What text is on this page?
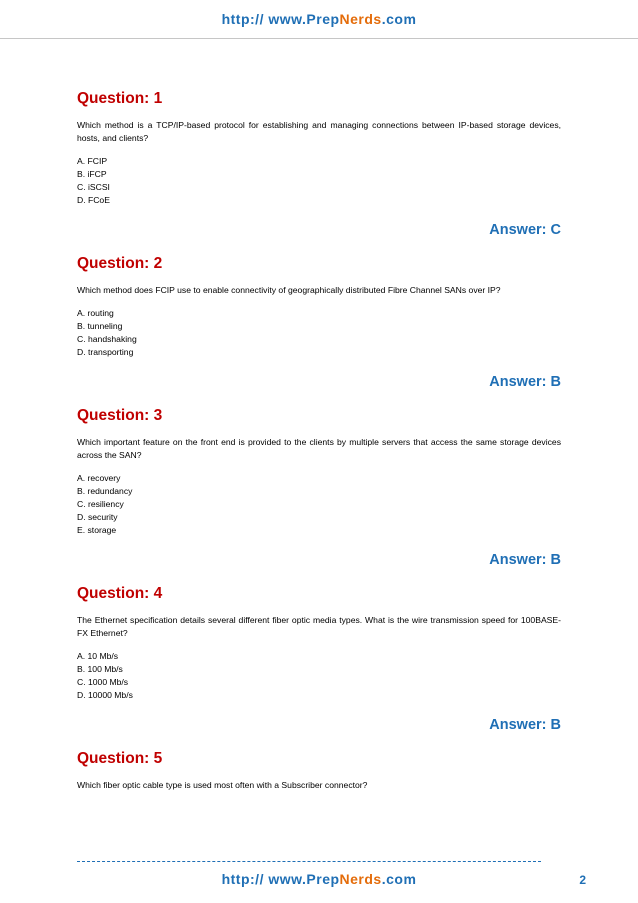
http:// www.PrepNerds.com
Question: 1
Which method is a TCP/IP-based protocol for establishing and managing connections between IP-based storage devices, hosts, and clients?
A. FCIP
B. iFCP
C. iSCSI
D. FCoE
Answer: C
Question: 2
Which method does FCIP use to enable connectivity of geographically distributed Fibre Channel SANs over IP?
A. routing
B. tunneling
C. handshaking
D. transporting
Answer: B
Question: 3
Which important feature on the front end is provided to the clients by multiple servers that access the same storage devices across the SAN?
A. recovery
B. redundancy
C. resiliency
D. security
E. storage
Answer: B
Question: 4
The Ethernet specification details several different fiber optic media types. What is the wire transmission speed for 100BASE-FX Ethernet?
A. 10 Mb/s
B. 100 Mb/s
C. 1000 Mb/s
D. 10000 Mb/s
Answer: B
Question: 5
Which fiber optic cable type is used most often with a Subscriber connector?
http:// www.PrepNerds.com	2
